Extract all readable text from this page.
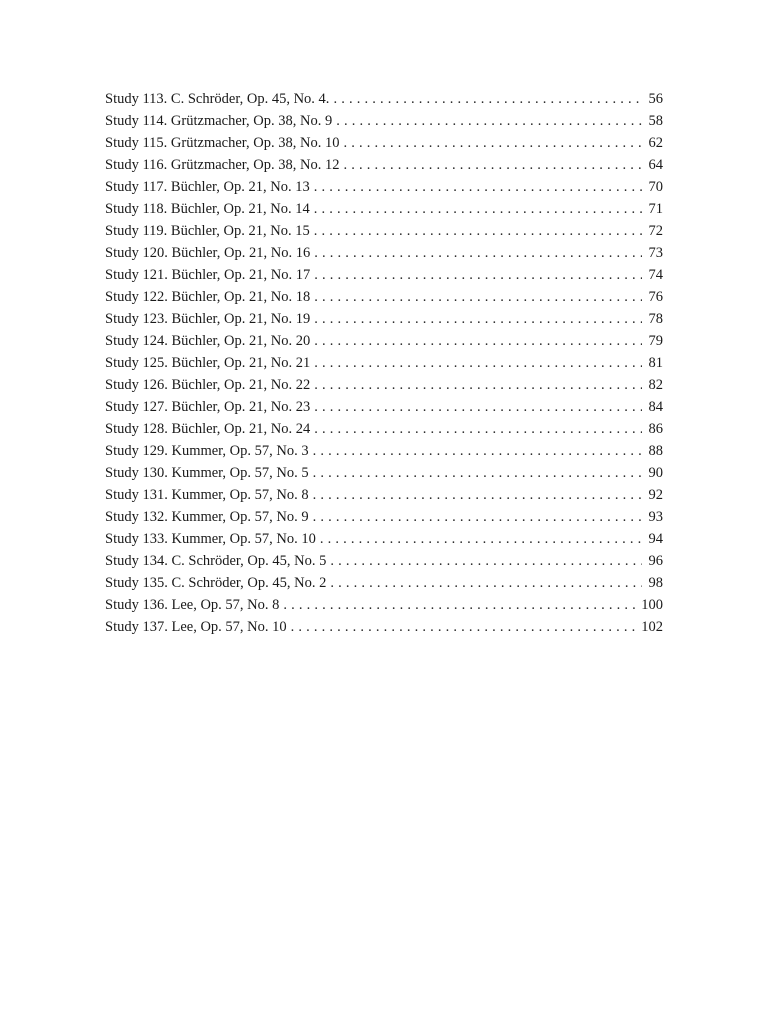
Study 113. C. Schröder, Op. 45, No. 4. . . .	56
Study 114. Grützmacher, Op. 38, No. 9 . . .	58
Study 115. Grützmacher, Op. 38, No. 10 . . .	62
Study 116. Grützmacher, Op. 38, No. 12 . . .	64
Study 117. Büchler, Op. 21, No. 13 . . .	70
Study 118. Büchler, Op. 21, No. 14 . . .	71
Study 119. Büchler, Op. 21, No. 15 . . .	72
Study 120. Büchler, Op. 21, No. 16 . . .	73
Study 121. Büchler, Op. 21, No. 17 . . .	74
Study 122. Büchler, Op. 21, No. 18 . . .	76
Study 123. Büchler, Op. 21, No. 19 . . .	78
Study 124. Büchler, Op. 21, No. 20 . . .	79
Study 125. Büchler, Op. 21, No. 21 . . .	81
Study 126. Büchler, Op. 21, No. 22 . . .	82
Study 127. Büchler, Op. 21, No. 23 . . .	84
Study 128. Büchler, Op. 21, No. 24 . . .	86
Study 129. Kummer, Op. 57, No. 3 . . .	88
Study 130. Kummer, Op. 57, No. 5 . . .	90
Study 131. Kummer, Op. 57, No. 8 . . .	92
Study 132. Kummer, Op. 57, No. 9 . . .	93
Study 133. Kummer, Op. 57, No. 10 . . .	94
Study 134. C. Schröder, Op. 45, No. 5 . . .	96
Study 135. C. Schröder, Op. 45, No. 2 . . .	98
Study 136. Lee, Op. 57, No. 8 . . .	100
Study 137. Lee, Op. 57, No. 10 . . .	102
